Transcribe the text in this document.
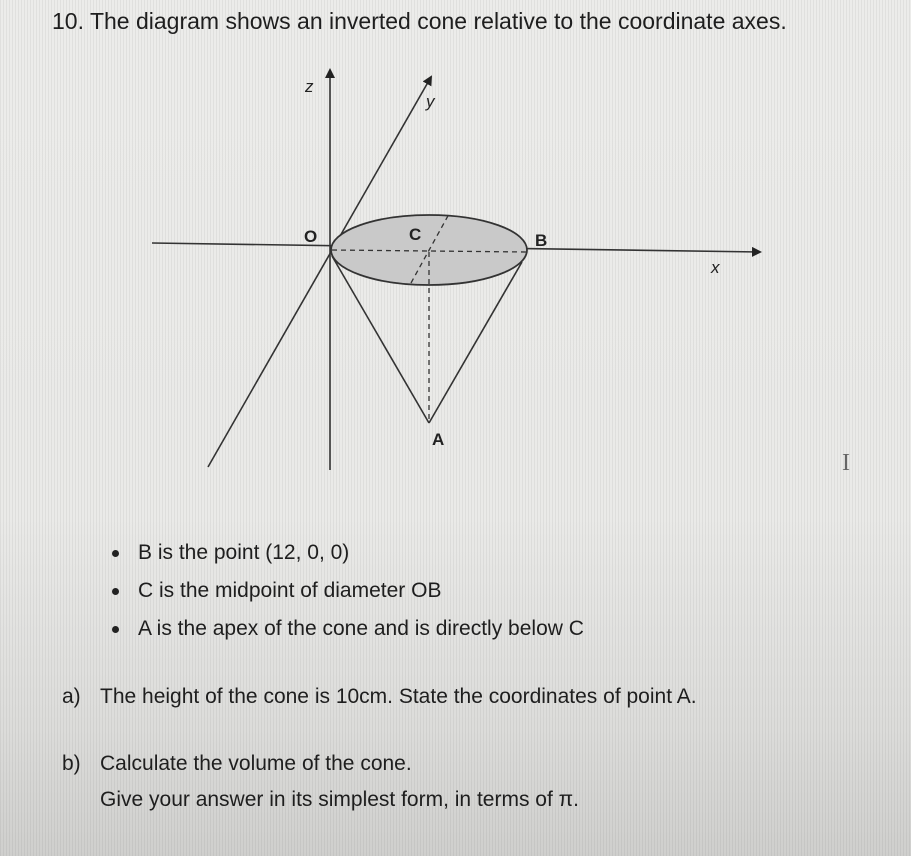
10. The diagram shows an inverted cone relative to the coordinate axes.
z
y
x
O	C	B
A
B is the point (12, 0, 0)
C is the midpoint of diameter OB
A is the apex of the cone and is directly below C
a) The height of the cone is 10cm. State the coordinates of point A.
b) Calculate the volume of the cone.
Give your answer in its simplest form, in terms of π.
I
